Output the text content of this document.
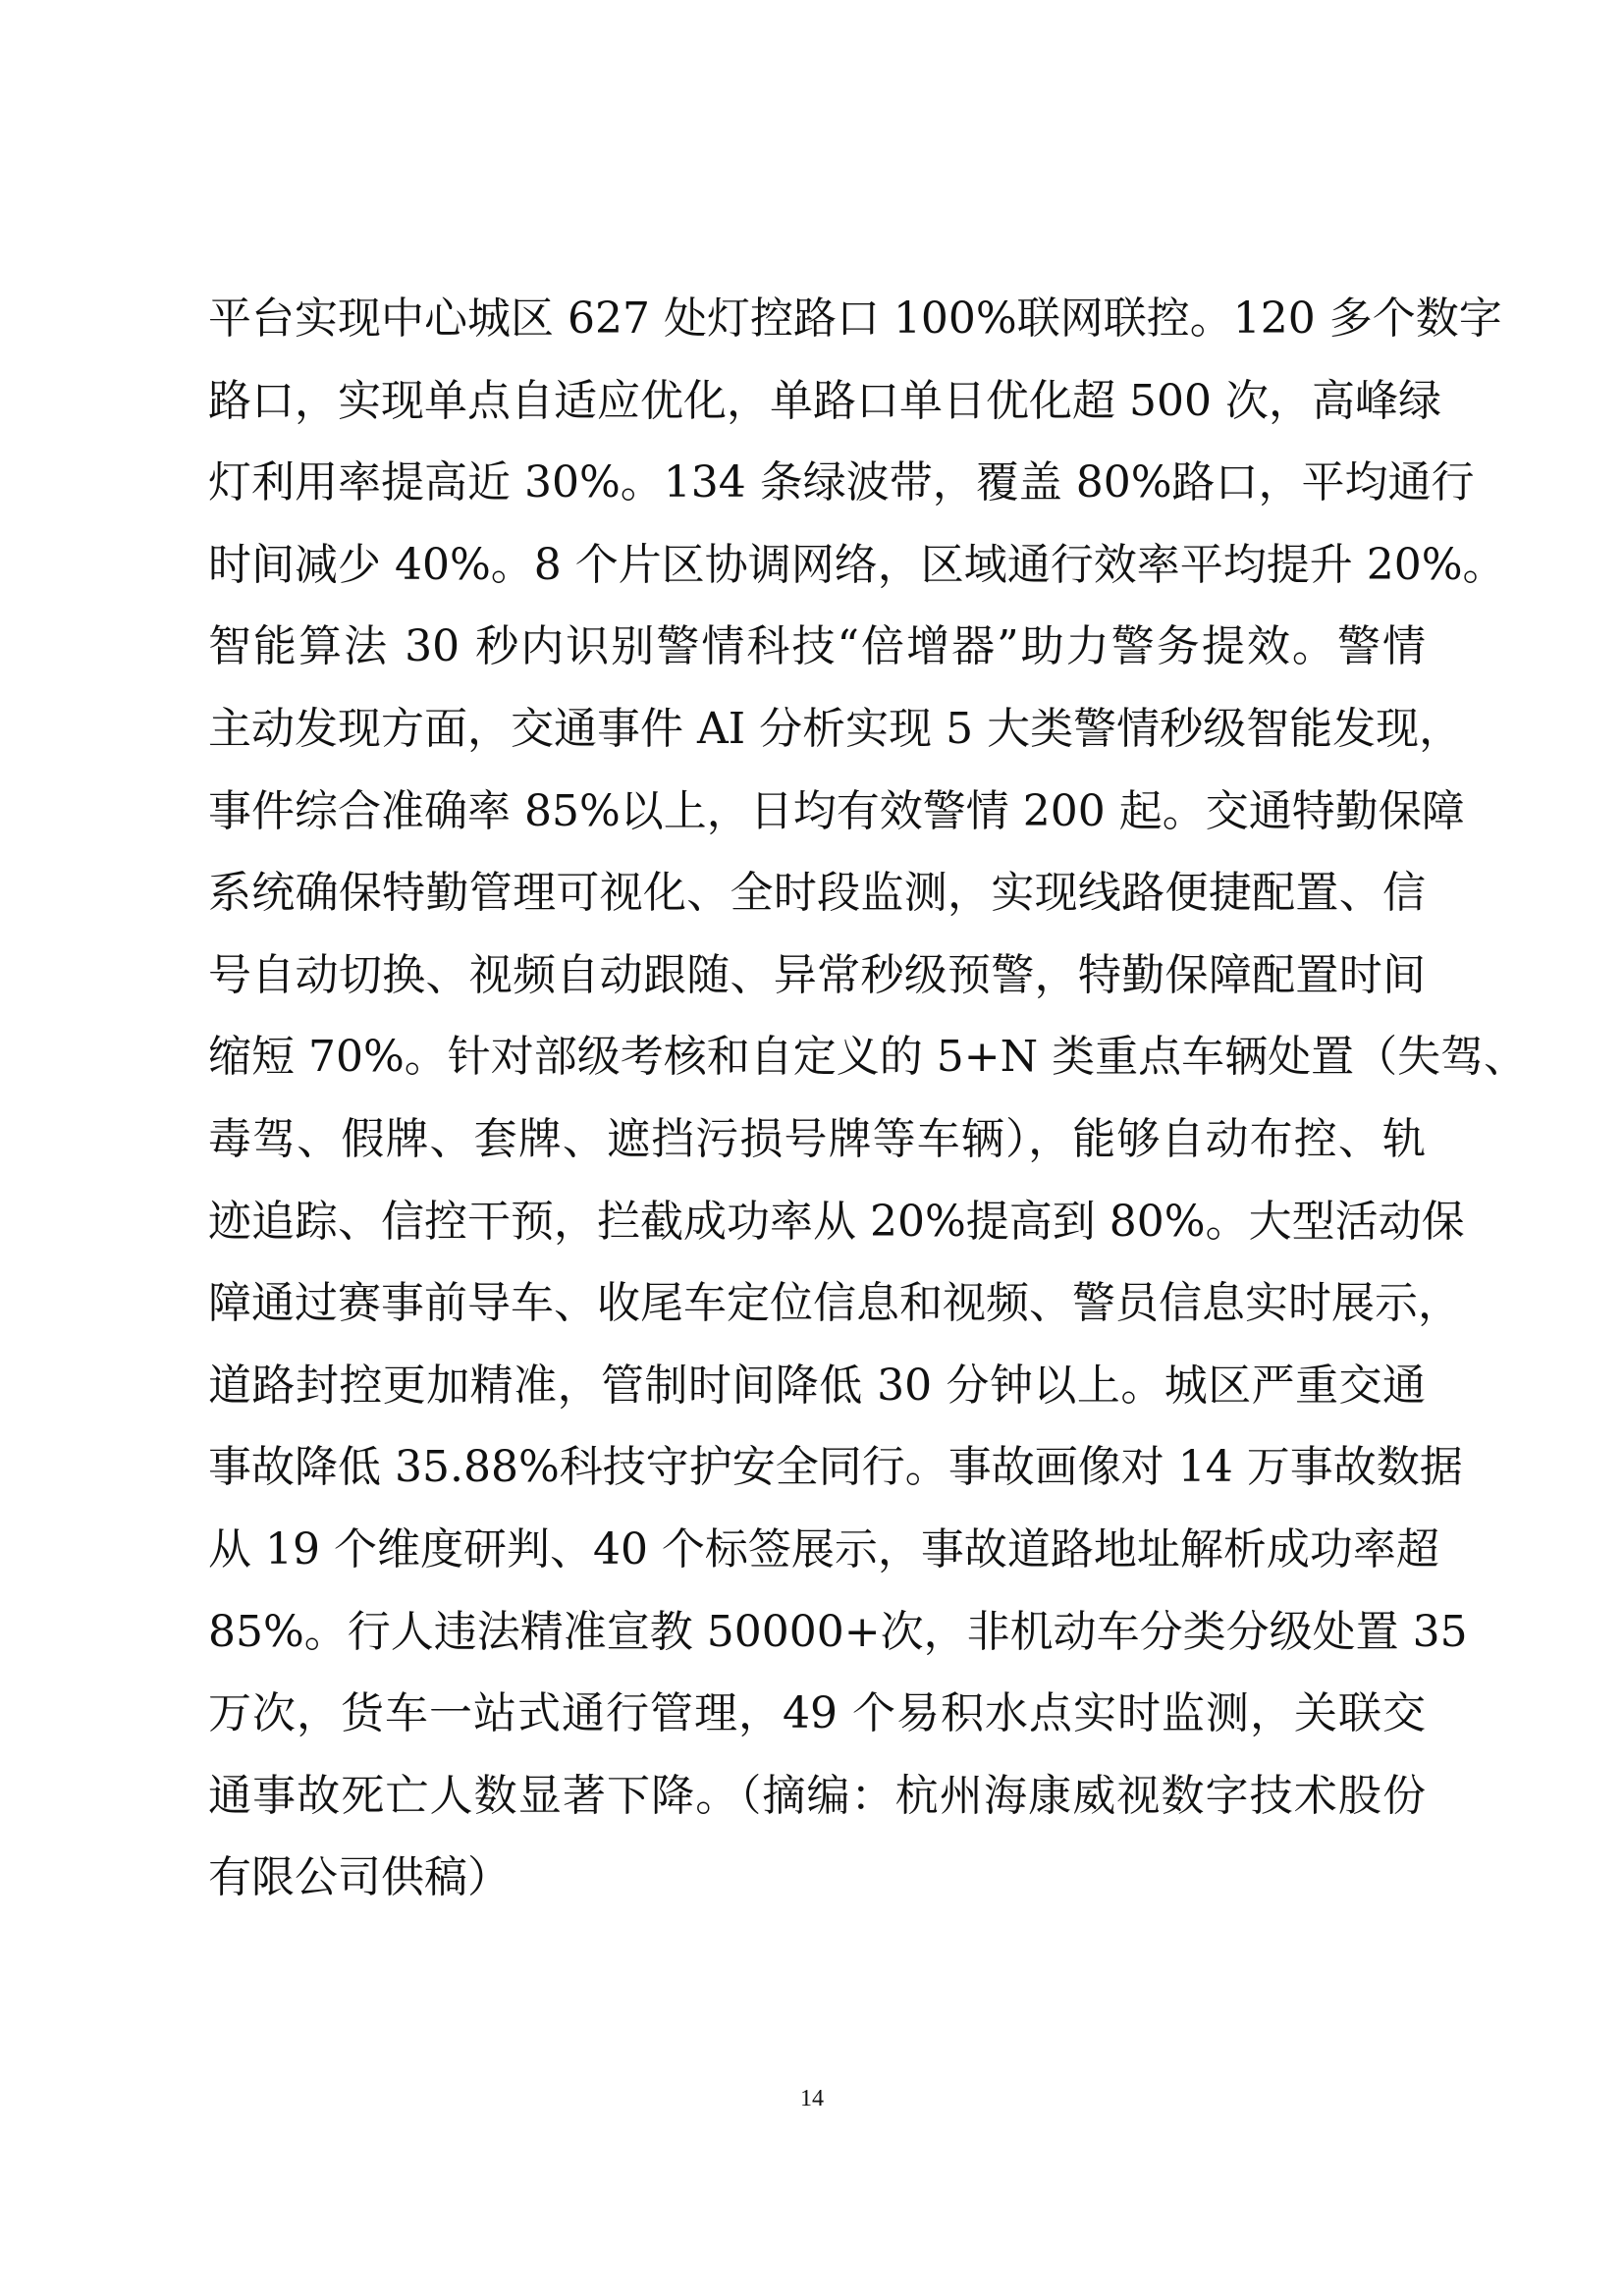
平台实现中心城区 627 处灯控路口 100%联网联控。120 多个数字
路口，实现单点自适应优化，单路口单日优化超 500 次，高峰绿
灯利用率提高近 30%。134 条绿波带，覆盖 80%路口，平均通行
时间减少 40%。8 个片区协调网络，区域通行效率平均提升 20%。
智能算法 30 秒内识别警情科技“倍增器”助力警务提效。警情
主动发现方面，交通事件 AI 分析实现 5 大类警情秒级智能发现，
事件综合准确率 85%以上，日均有效警情 200 起。交通特勤保障
系统确保特勤管理可视化、全时段监测，实现线路便捷配置、信
号自动切换、视频自动跟随、异常秒级预警，特勤保障配置时间
缩短 70%。针对部级考核和自定义的 5+N 类重点车辆处置（失驾、
毒驾、假牌、套牌、遮挡污损号牌等车辆），能够自动布控、轨
迹追踪、信控干预，拦截成功率从 20%提高到 80%。大型活动保
障通过赛事前导车、收尾车定位信息和视频、警员信息实时展示，
道路封控更加精准，管制时间降低 30 分钟以上。城区严重交通
事故降低 35.88%科技守护安全同行。事故画像对 14 万事故数据
从 19 个维度研判、40 个标签展示，事故道路地址解析成功率超
85%。行人违法精准宣教 50000+次，非机动车分类分级处置 35
万次，货车一站式通行管理，49 个易积水点实时监测，关联交
通事故死亡人数显著下降。（摘编：杭州海康威视数字技术股份
有限公司供稿）
14
